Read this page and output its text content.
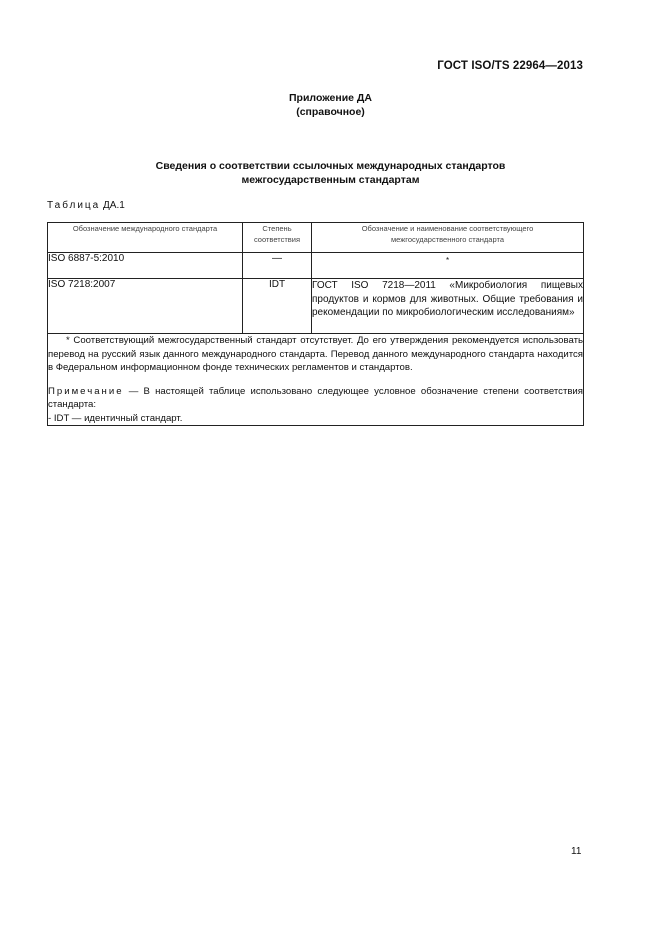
ГОСТ ISO/TS 22964—2013
Приложение ДА
(справочное)
Сведения о соответствии ссылочных международных стандартов
межгосударственным стандартам
Таблица ДА.1
Обозначение международного стандарта	Степень соответствия	Обозначение и наименование соответствующего межгосударственного стандарта
ISO 6887-5:2010	—	*

ISO 7218:2007	IDT	ГОСТ ISO 7218—2011 «Микробиология пищевых продуктов и кормов для животных. Общие требования и рекомендации по микробиологическим исследованиям»

* Соответствующий межгосударственный стандарт отсутствует. До его утверждения рекомендуется использовать перевод на русский язык данного международного стандарта. Перевод данного международного стандарта находится в Федеральном информационном фонде технических регламентов и стандартов.
Примечание — В настоящей таблице использовано следующее условное обозначение степени соответствия стандарта:
- IDT — идентичный стандарт.		
11
